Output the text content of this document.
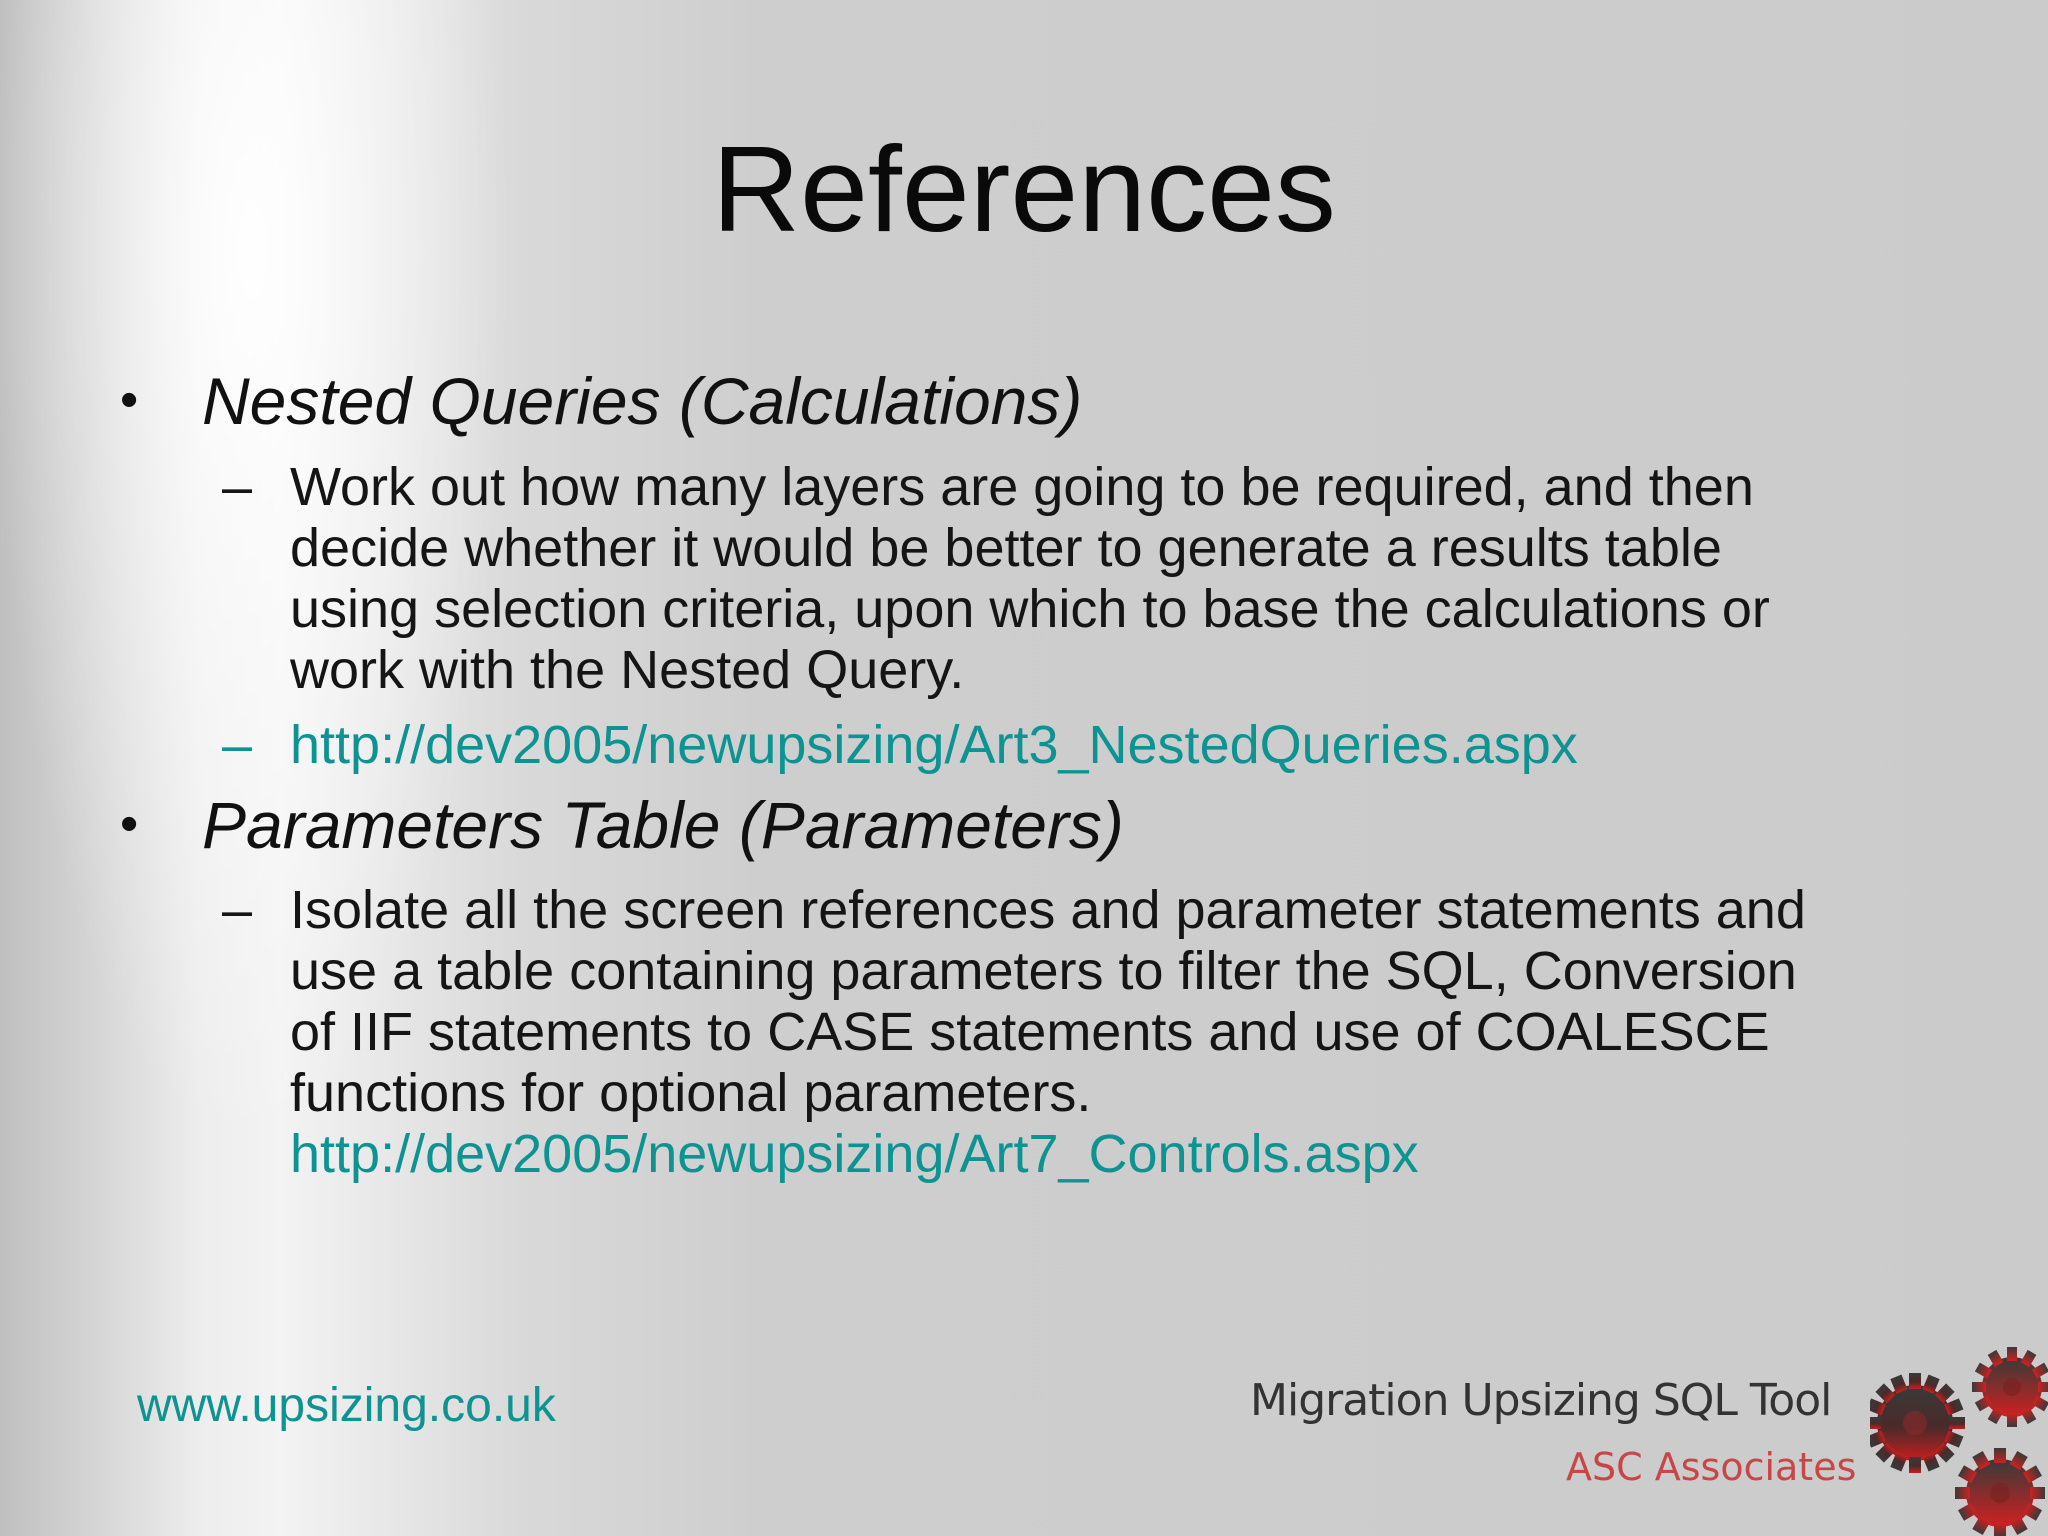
References

• Nested Queries (Calculations)

– Work out how many layers are going to be required, and then
decide whether it would be better to generate a results table
using selection criteria, upon which to base the calculations or
work with the Nested Query.
– http://dev2005/newupsizing/Art3_NestedQueries.aspx

• Parameters Table (Parameters)

– Isolate all the screen references and parameter statements and
use a table containing parameters to filter the SQL, Conversion
of IIF statements to CASE statements and use of COALESCE
functions for optional parameters.
http://dev2005/newupsizing/Art7_Controls.aspx
www.upsizing.co.uk	Migration Upsizing SQL Tool
ASC Associates
